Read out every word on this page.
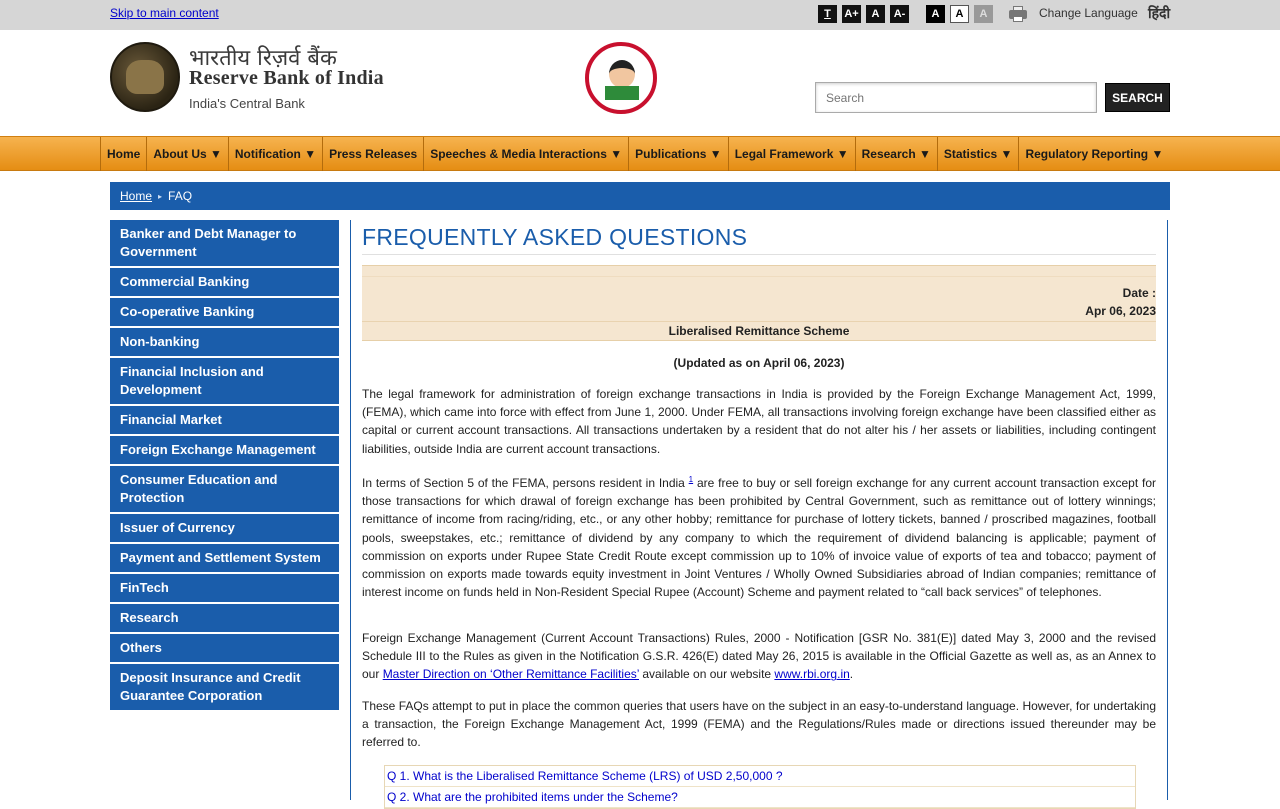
Skip to main content	T	A+	A	A-	A	A	A	Change Language हिंदी
भारतीय रिज़र्व बैंक
Reserve Bank of India
India's Central Bank
Search	SEARCH
Home	About Us ▼	Notification ▼	Press Releases	Speeches & Media Interactions ▼	Publications ▼	Legal Framework ▼	Research ▼	Statistics ▼	Regulatory Reporting ▼
Home ▸ FAQ
Banker and Debt Manager to Government
Commercial Banking
Co-operative Banking
Non-banking
Financial Inclusion and Development
Financial Market
Foreign Exchange Management
Consumer Education and Protection
Issuer of Currency
Payment and Settlement System
FinTech
Research
Others
Deposit Insurance and Credit Guarantee Corporation
FREQUENTLY ASKED QUESTIONS
Date :
Apr 06, 2023
Liberalised Remittance Scheme
(Updated as on April 06, 2023)

The legal framework for administration of foreign exchange transactions in India is provided by the Foreign Exchange Management Act, 1999, (FEMA), which came into force with effect from June 1, 2000. Under FEMA, all transactions involving foreign exchange have been classified either as capital or current account transactions. All transactions undertaken by a resident that do not alter his / her assets or liabilities, including contingent liabilities, outside India are current account transactions.

In terms of Section 5 of the FEMA, persons resident in India $^1$ are free to buy or sell foreign exchange for any current account transaction except for those transactions for which drawal of foreign exchange has been prohibited by Central Government, such as remittance out of lottery winnings; remittance of income from racing/riding, etc., or any other hobby; remittance for purchase of lottery tickets, banned / proscribed magazines, football pools, sweepstakes, etc.; remittance of dividend by any company to which the requirement of dividend balancing is applicable; payment of commission on exports under Rupee State Credit Route except commission up to 10% of invoice value of exports of tea and tobacco; payment of commission on exports made towards equity investment in Joint Ventures / Wholly Owned Subsidiaries abroad of Indian companies; remittance of interest income on funds held in Non-Resident Special Rupee (Account) Scheme and payment related to “call back services” of telephones.

Foreign Exchange Management (Current Account Transactions) Rules, 2000 - Notification [GSR No. 381(E)] dated May 3, 2000 and the revised Schedule III to the Rules as given in the Notification G.S.R. 426(E) dated May 26, 2015 is available in the Official Gazette as well as, as an Annex to our Master Direction on ‘Other Remittance Facilities’ available on our website www.rbi.org.in.

These FAQs attempt to put in place the common queries that users have on the subject in an easy-to-understand language. However, for undertaking a transaction, the Foreign Exchange Management Act, 1999 (FEMA) and the Regulations/Rules made or directions issued thereunder may be referred to.

Q 1. What is the Liberalised Remittance Scheme (LRS) of USD 2,50,000 ?
Q 2. What are the prohibited items under the Scheme?
